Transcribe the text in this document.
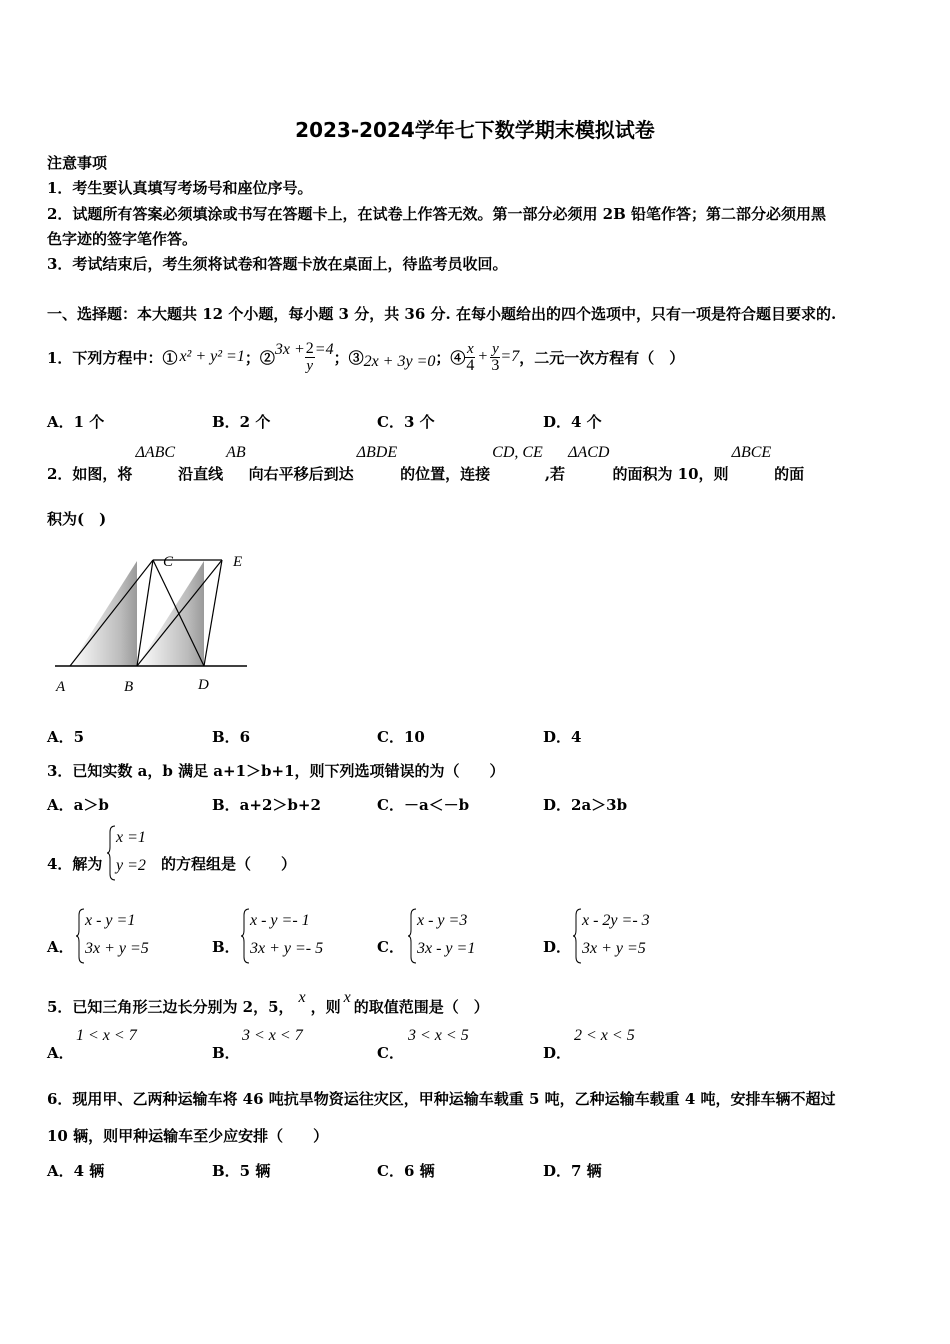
2023-2024学年七下数学期末模拟试卷
注意事项
1．考生要认真填写考场号和座位序号。
2．试题所有答案必须填涂或书写在答题卡上，在试卷上作答无效。第一部分必须用 2B 铅笔作答；第二部分必须用黑
色字迹的签字笔作答。
3．考试结束后，考生须将试卷和答题卡放在桌面上，待监考员收回。
一、选择题：本大题共 12 个小题，每小题 3 分，共 36 分. 在每小题给出的四个选项中，只有一项是符合题目要求的.
1．下列方程中：① x² + y² =1 ；② $3x + \frac{2}{y} =4$ ；③ 2x + 3y =0 ；④ $\frac{x}{4} + \frac{y}{3} =7$ ，二元一次方程有（　）
A．1 个	B．2 个	C．3 个	D．4 个
2．如图，将
ΔABC
沿直线
AB
向右平移后到达
ΔBDE
的位置，连接
CD, CE
,若
ΔACD
的面积为 10，则
ΔBCE
的面
积为(　)
A	B	D
C	E
A．5	B．6	C．10	D．4
3．已知实数 a，b 满足 a+1＞b+1，则下列选项错误的为（　　）
A．a＞b	B．a+2＞b+2	C．－a＜－b	D．2a＞3b
4．解为
x =1
y =2 的方程组是（　　）
A．
x - y =1
3x + y =5	B．
x - y =- 1
3x + y =- 5	C．
x - y =3
3x - y =1	D．
x - 2y =- 3
3x + y =5
5．已知三角形三边长分别为 2，5，
x
，则
x
的取值范围是（　）
A．
1 < x < 7
B．
3 < x < 7
C．
3 < x < 5
D．
2 < x < 5
6．现用甲、乙两种运输车将 46 吨抗旱物资运往灾区，甲种运输车载重 5 吨，乙种运输车载重 4 吨，安排车辆不超过
10 辆，则甲种运输车至少应安排（　　）
A．4 辆	B．5 辆	C．6 辆	D．7 辆
